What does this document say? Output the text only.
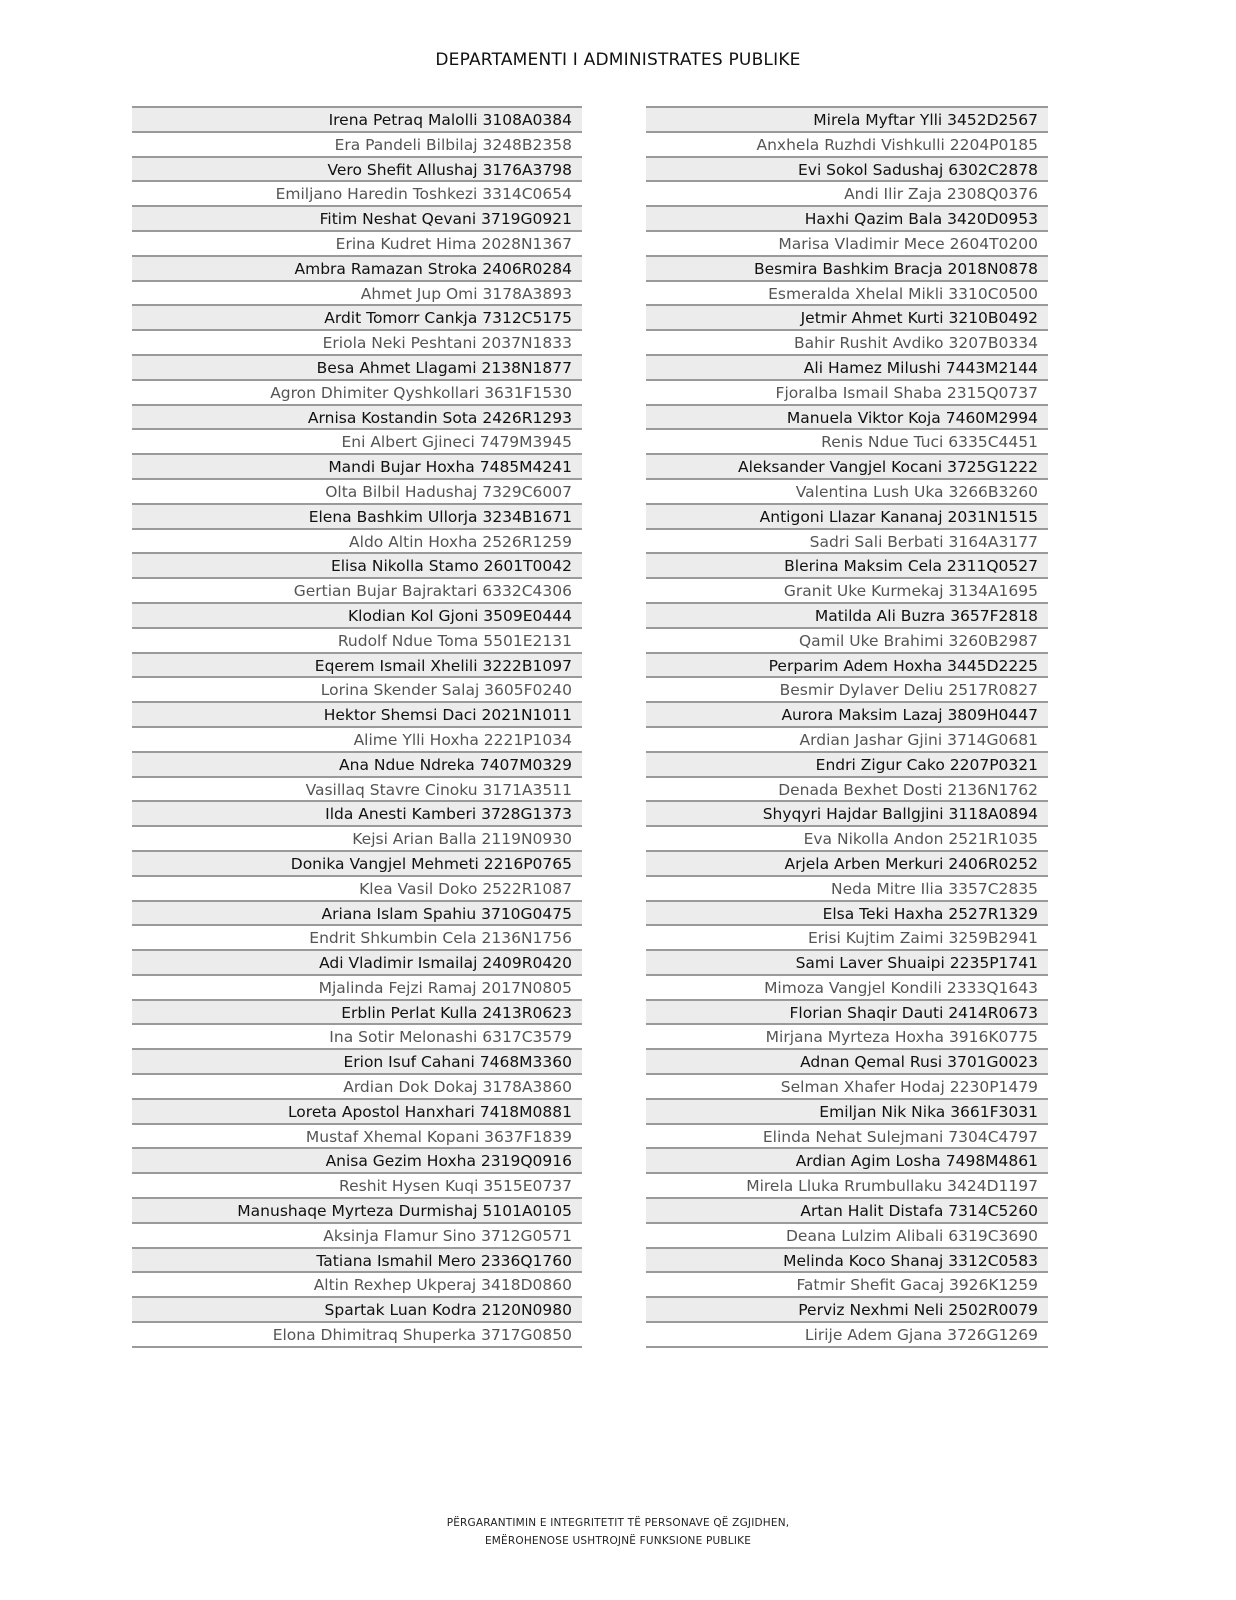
DEPARTAMENTI I ADMINISTRATES PUBLIKE
Irena Petraq Malolli 3108A0384
Era Pandeli Bilbilaj 3248B2358
Vero Shefit Allushaj 3176A3798
Emiljano Haredin Toshkezi 3314C0654
Fitim Neshat Qevani 3719G0921
Erina Kudret Hima 2028N1367
Ambra Ramazan Stroka 2406R0284
Ahmet Jup Omi 3178A3893
Ardit Tomorr Cankja 7312C5175
Eriola Neki Peshtani 2037N1833
Besa Ahmet Llagami 2138N1877
Agron Dhimiter Qyshkollari 3631F1530
Arnisa Kostandin Sota 2426R1293
Eni Albert Gjineci 7479M3945
Mandi Bujar Hoxha 7485M4241
Olta Bilbil Hadushaj 7329C6007
Elena Bashkim Ullorja 3234B1671
Aldo Altin Hoxha 2526R1259
Elisa Nikolla Stamo 2601T0042
Gertian Bujar Bajraktari 6332C4306
Klodian Kol Gjoni 3509E0444
Rudolf Ndue Toma 5501E2131
Eqerem Ismail Xhelili 3222B1097
Lorina Skender Salaj 3605F0240
Hektor Shemsi Daci 2021N1011
Alime Ylli Hoxha 2221P1034
Ana Ndue Ndreka 7407M0329
Vasillaq Stavre Cinoku 3171A3511
Ilda Anesti Kamberi 3728G1373
Kejsi Arian Balla 2119N0930
Donika Vangjel Mehmeti 2216P0765
Klea Vasil Doko 2522R1087
Ariana Islam Spahiu 3710G0475
Endrit Shkumbin Cela 2136N1756
Adi Vladimir Ismailaj 2409R0420
Mjalinda Fejzi Ramaj 2017N0805
Erblin Perlat Kulla 2413R0623
Ina Sotir Melonashi 6317C3579
Erion Isuf Cahani 7468M3360
Ardian Dok Dokaj 3178A3860
Loreta Apostol Hanxhari 7418M0881
Mustaf Xhemal Kopani 3637F1839
Anisa Gezim Hoxha 2319Q0916
Reshit Hysen Kuqi 3515E0737
Manushaqe Myrteza Durmishaj 5101A0105
Aksinja Flamur Sino 3712G0571
Tatiana Ismahil Mero 2336Q1760
Altin Rexhep Ukperaj 3418D0860
Spartak Luan Kodra 2120N0980
Elona Dhimitraq Shuperka 3717G0850
Mirela Myftar Ylli 3452D2567
Anxhela Ruzhdi Vishkulli 2204P0185
Evi Sokol Sadushaj 6302C2878
Andi Ilir Zaja 2308Q0376
Haxhi Qazim Bala 3420D0953
Marisa Vladimir Mece 2604T0200
Besmira Bashkim Bracja 2018N0878
Esmeralda Xhelal Mikli 3310C0500
Jetmir Ahmet Kurti 3210B0492
Bahir Rushit Avdiko 3207B0334
Ali Hamez Milushi 7443M2144
Fjoralba Ismail Shaba 2315Q0737
Manuela Viktor Koja 7460M2994
Renis Ndue Tuci 6335C4451
Aleksander Vangjel Kocani 3725G1222
Valentina Lush Uka 3266B3260
Antigoni Llazar Kananaj 2031N1515
Sadri Sali Berbati 3164A3177
Blerina Maksim Cela 2311Q0527
Granit Uke Kurmekaj 3134A1695
Matilda Ali Buzra 3657F2818
Qamil Uke Brahimi 3260B2987
Perparim Adem Hoxha 3445D2225
Besmir Dylaver Deliu 2517R0827
Aurora Maksim Lazaj 3809H0447
Ardian Jashar Gjini 3714G0681
Endri Zigur Cako 2207P0321
Denada Bexhet Dosti 2136N1762
Shyqyri Hajdar Ballgjini 3118A0894
Eva Nikolla Andon 2521R1035
Arjela Arben Merkuri 2406R0252
Neda Mitre Ilia 3357C2835
Elsa Teki Haxha 2527R1329
Erisi Kujtim Zaimi 3259B2941
Sami Laver Shuaipi 2235P1741
Mimoza Vangjel Kondili 2333Q1643
Florian Shaqir Dauti 2414R0673
Mirjana Myrteza Hoxha 3916K0775
Adnan Qemal Rusi 3701G0023
Selman Xhafer Hodaj 2230P1479
Emiljan Nik Nika 3661F3031
Elinda Nehat Sulejmani 7304C4797
Ardian Agim Losha 7498M4861
Mirela Lluka Rrumbullaku 3424D1197
Artan Halit Distafa 7314C5260
Deana Lulzim Alibali 6319C3690
Melinda Koco Shanaj 3312C0583
Fatmir Shefit Gacaj 3926K1259
Perviz Nexhmi Neli 2502R0079
Lirije Adem Gjana 3726G1269
PËRGARANTIMIN E INTEGRITETIT TË PERSONAVE QË ZGJIDHEN,
EMËROHENOSE USHTROJNË FUNKSIONE PUBLIKE
